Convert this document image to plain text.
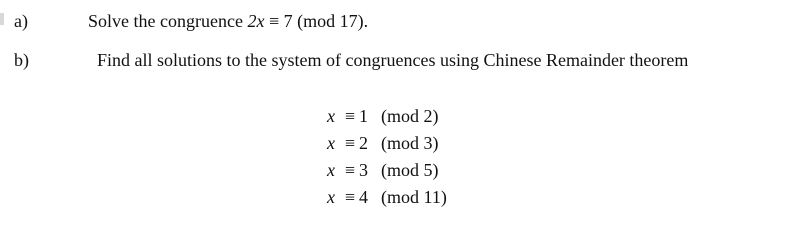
a)	Solve the congruence 2x ≡ 7 (mod 17).
b)	Find all solutions to the system of congruences using Chinese Remainder theorem
x ≡ 1 (mod 2)
x ≡ 2 (mod 3)
x ≡ 3 (mod 5)
x ≡ 4 (mod 11)
